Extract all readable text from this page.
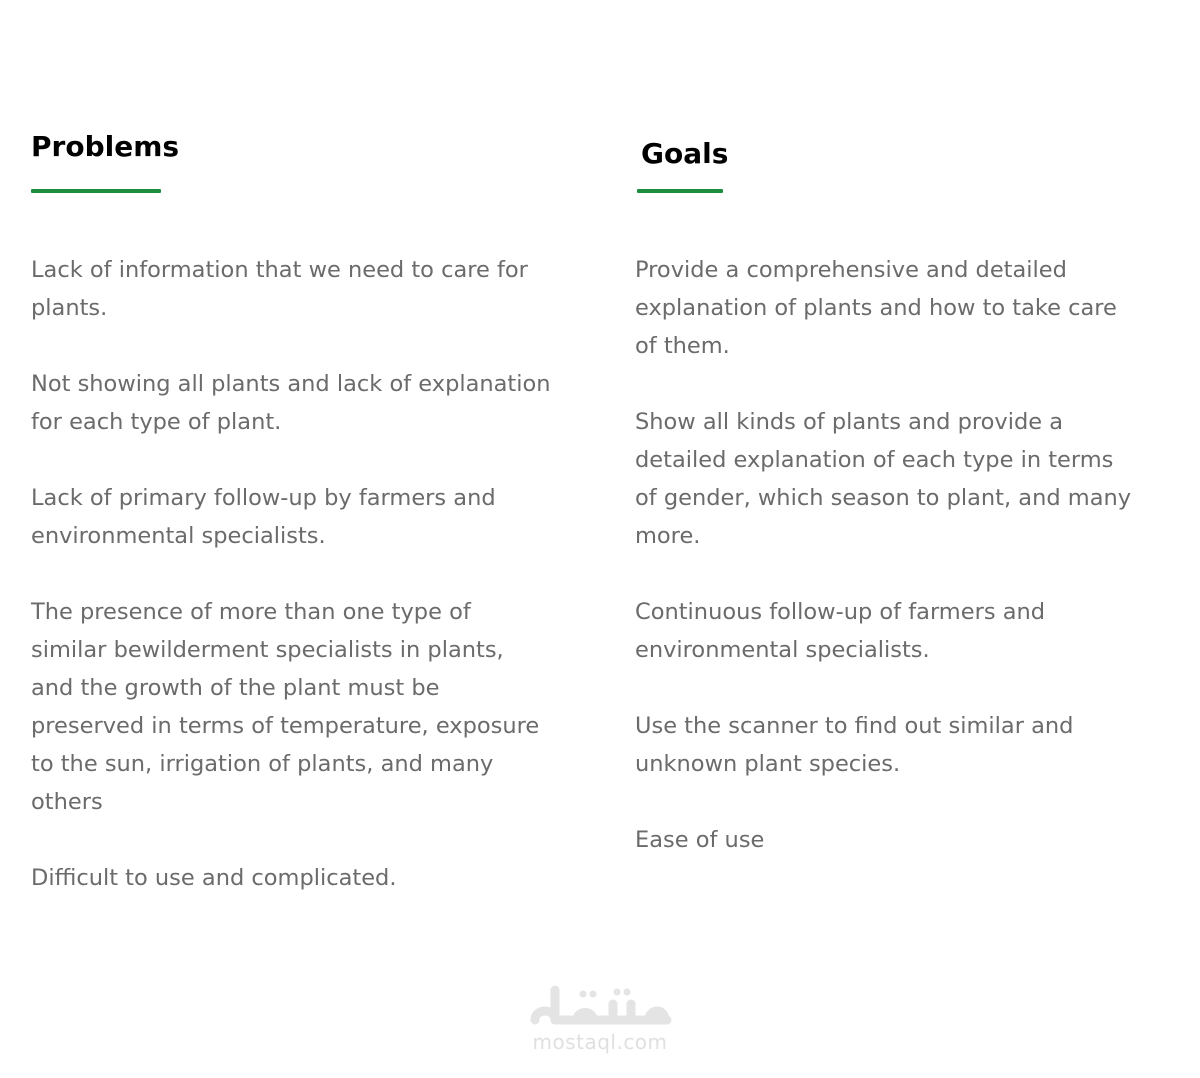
Problems
Lack of information that we need to care for plants.
Not showing all plants and lack of explanation for each type of plant.
Lack of primary follow-up by farmers and environmental specialists.
The presence of more than one type of similar bewilderment specialists in plants, and the growth of the plant must be preserved in terms of temperature, exposure to the sun, irrigation of plants, and many others
Difficult to use and complicated.
Goals
Provide a comprehensive and detailed explanation of plants and how to take care of them.
Show all kinds of plants and provide a detailed explanation of each type in terms of gender, which season to plant, and many more.
Continuous follow-up of farmers and environmental specialists.
Use the scanner to find out similar and unknown plant species.
Ease of use
mostaql.com
